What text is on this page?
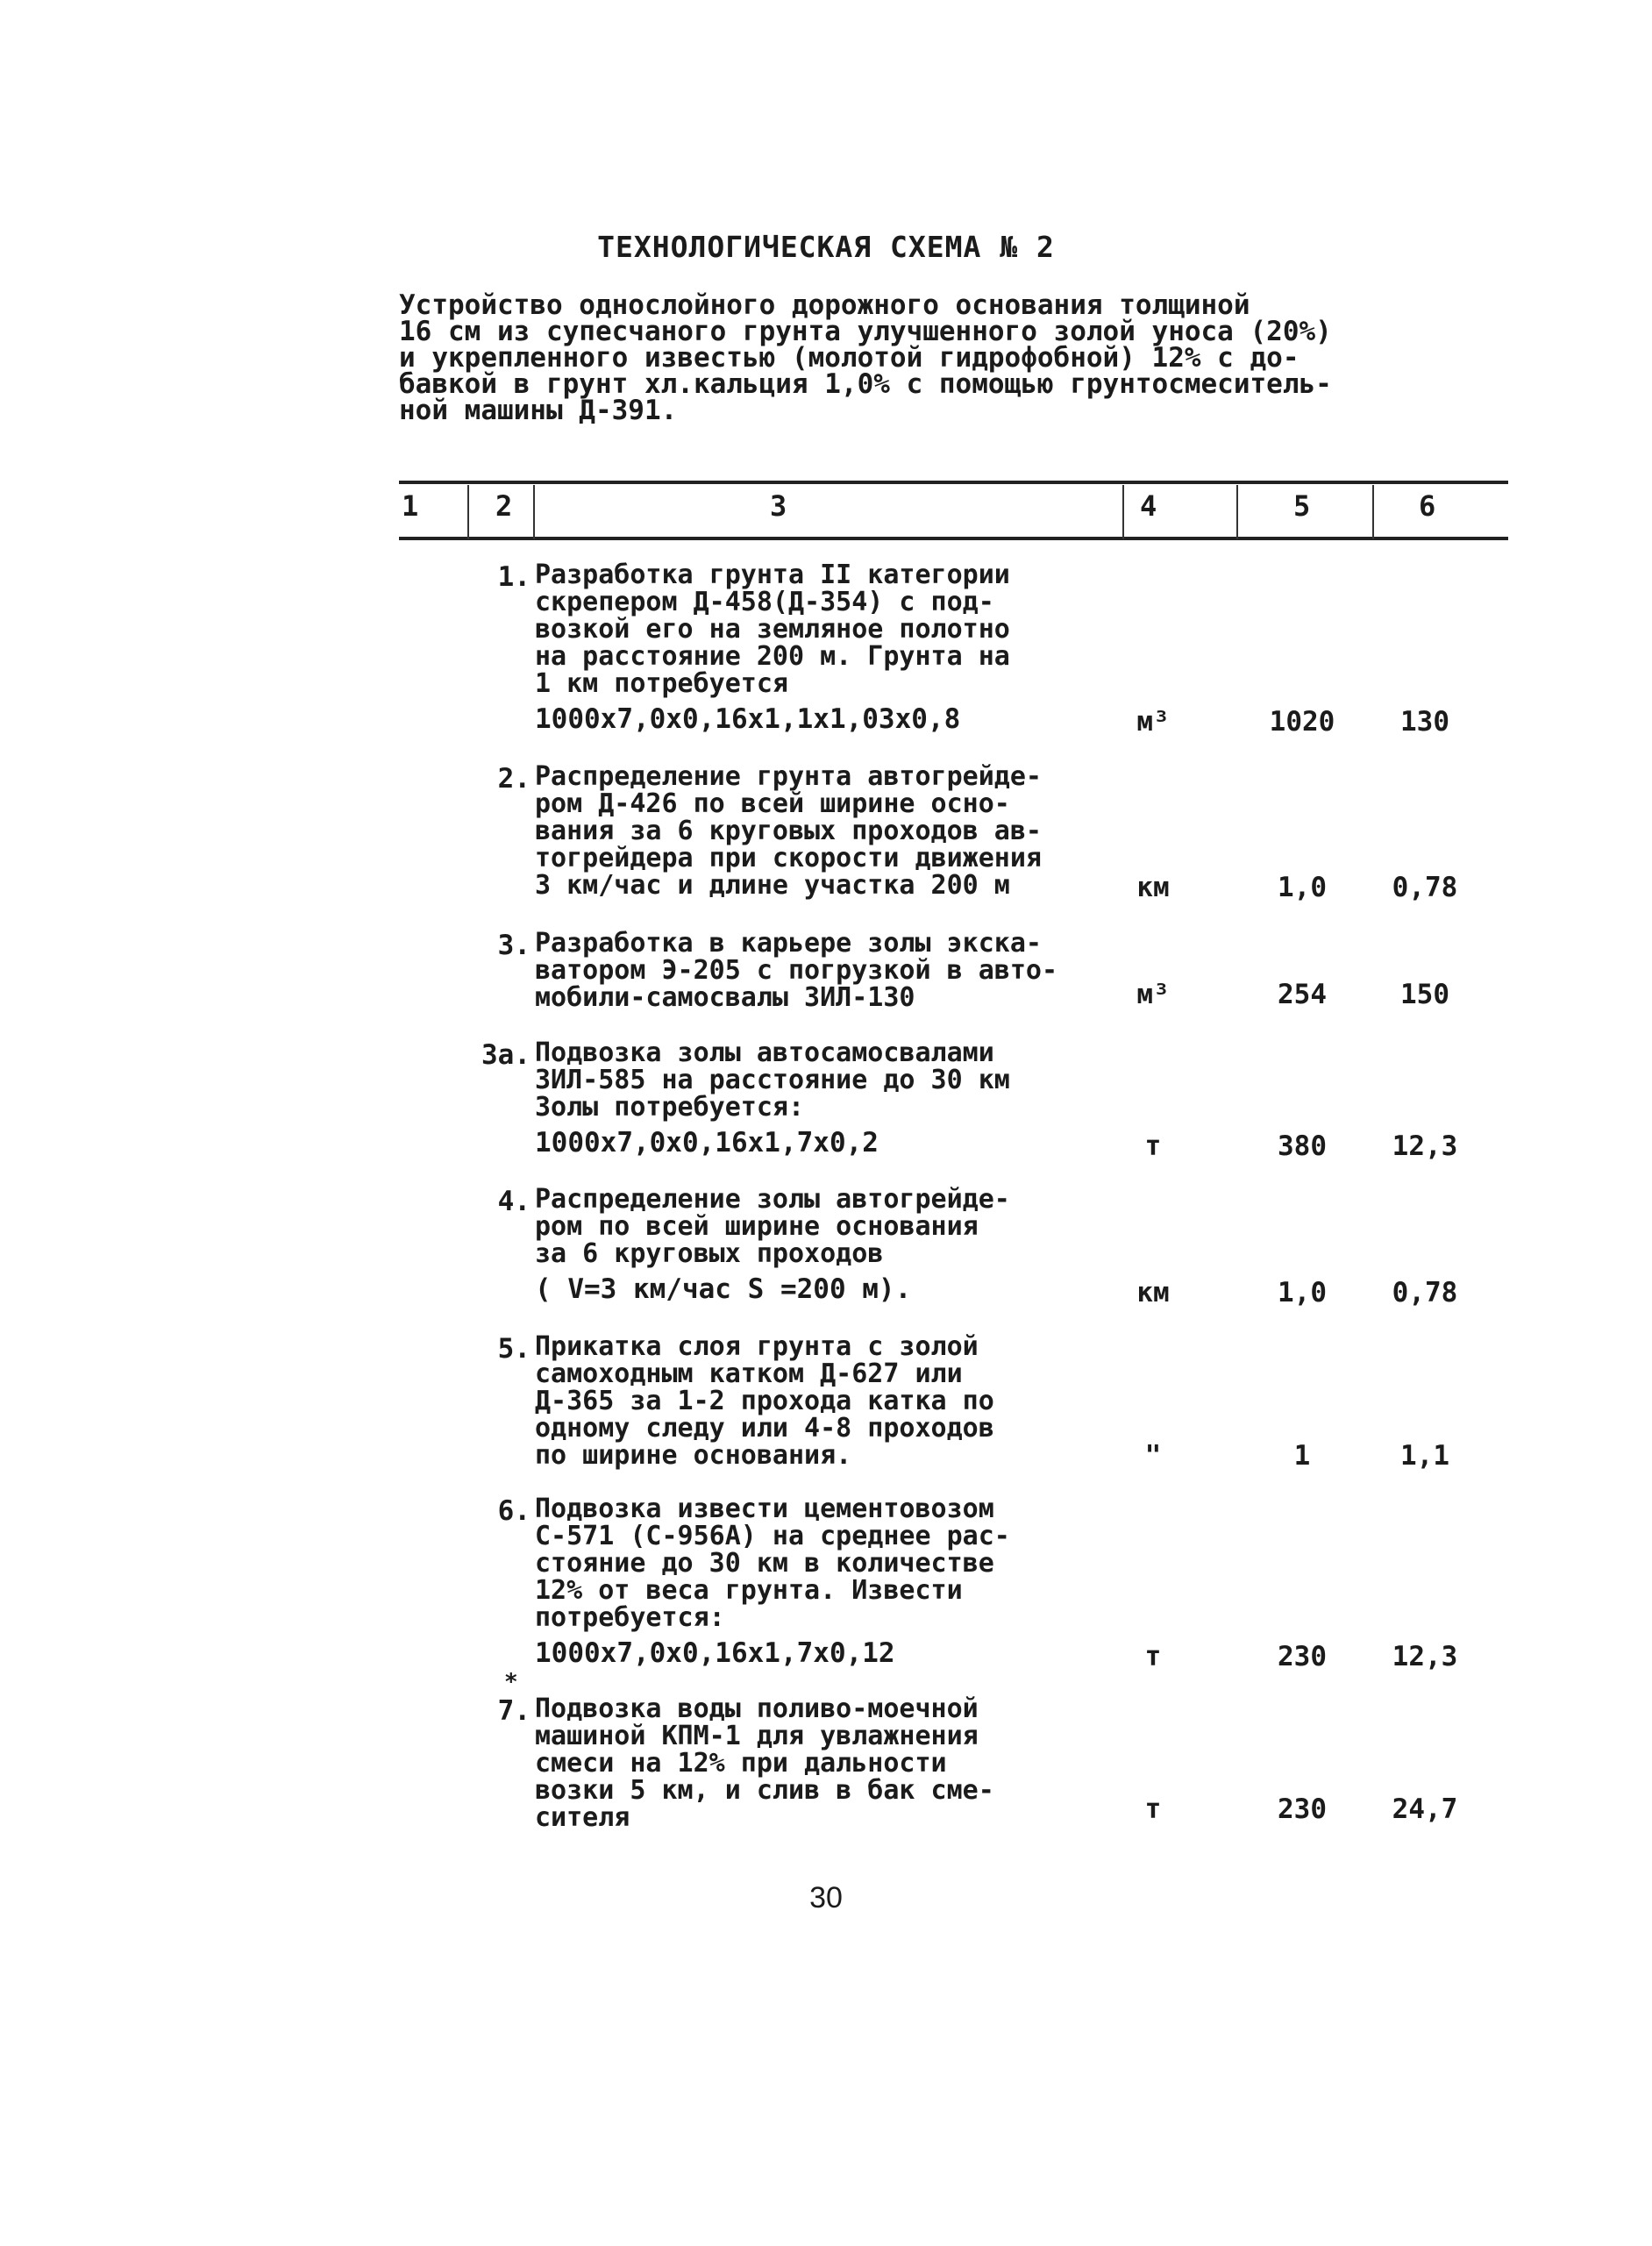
ТЕХНОЛОГИЧЕСКАЯ СХЕМА № 2
Устройство однослойного дорожного основания толщиной
16 см из супесчаного грунта улучшенного золой уноса (20%)
и укрепленного известью (молотой гидрофобной) 12% с до-
бавкой в грунт хл.кальция 1,0% с помощью грунтосмеситель-
ной машины Д-391.
1	2	3	4	5	6
1. Разработка грунта II категории
скрепером Д-458(Д-354) с под-
возкой его на земляное полотно
на расстояние 200 м. Грунта на
1 км потребуется
1000х7,0х0,16х1,1х1,03х0,8	м³	1020	130
2. Распределение грунта автогрейде-
ром Д-426 по всей ширине осно-
вания за 6 круговых проходов ав-
тогрейдера при скорости движения
3 км/час и длине участка 200 м	км	1,0	0,78
3. Разработка в карьере золы экска-
ватором Э-205 с погрузкой в авто-
мобили-самосвалы ЗИЛ-130	м³	254	150
3а. Подвозка золы автосамосвалами
ЗИЛ-585 на расстояние до 30 км
Золы потребуется:
1000х7,0х0,16х1,7х0,2	т	380	12,3
4. Распределение золы автогрейде-
ром по всей ширине основания
за 6 круговых проходов
( V=3 км/час S =200 м).	км	1,0	0,78
5. Прикатка слоя грунта с золой
самоходным катком Д-627 или
Д-365 за 1-2 прохода катка по
одному следу или 4-8 проходов
по ширине основания.	"	1	1,1
6. Подвозка извести цементовозом
С-571 (С-956А) на среднее рас-
стояние до 30 км в количестве
12% от веса грунта. Извести
потребуется:
1000х7,0х0,16х1,7х0,12	т	230	12,3
7.
*
Подвозка воды поливо-моечной
машиной КПМ-1 для увлажнения
смеси на 12% при дальности
возки 5 км, и слив в бак сме-
сителя	т	230	24,7
30
